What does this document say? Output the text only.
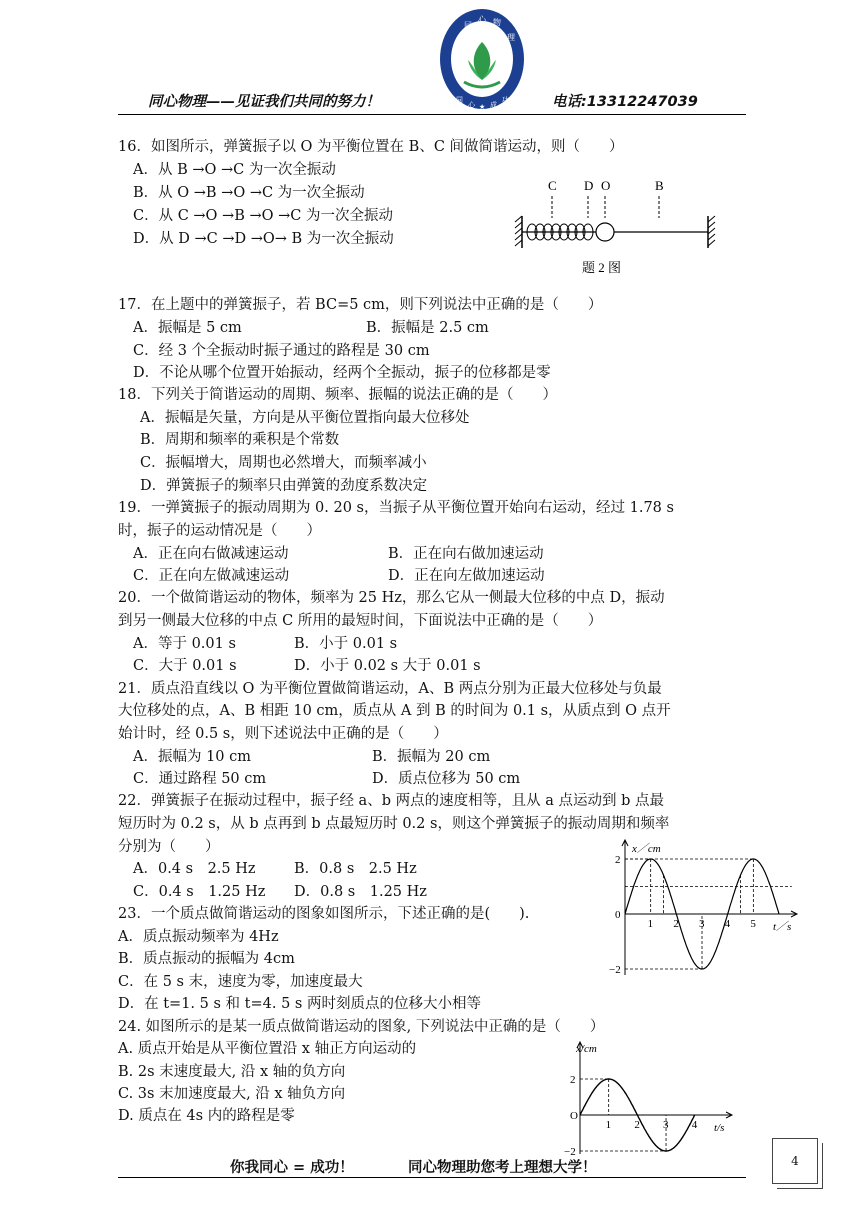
同心物理——见证我们共同的努力！	电话:13312247039
同
心 物
理
同
心 ★ 成
功
16．如图所示，弹簧振子以 O 为平衡位置在 B、C 间做简谐运动，则（　　）
A．从 B →O →C 为一次全振动
B．从 O →B →O →C 为一次全振动
C．从 C →O →B →O →C 为一次全振动
D．从 D →C →D →O→ B 为一次全振动
C D O	B
题 2 图
17．在上题中的弹簧振子，若 BC=5 cm，则下列说法中正确的是（　　）
A．振幅是 5 cm	B．振幅是 2.5 cm
C．经 3 个全振动时振子通过的路程是 30 cm
D．不论从哪个位置开始振动，经两个全振动，振子的位移都是零
18．下列关于简谐运动的周期、频率、振幅的说法正确的是（　　）
A．振幅是矢量，方向是从平衡位置指向最大位移处
B．周期和频率的乘积是个常数
C．振幅增大，周期也必然增大，而频率减小
D．弹簧振子的频率只由弹簧的劲度系数决定
19．一弹簧振子的振动周期为 0. 20 s，当振子从平衡位置开始向右运动，经过 1.78 s
时，振子的运动情况是（　　）
A．正在向右做减速运动	B．正在向右做加速运动
C．正在向左做减速运动	D．正在向左做加速运动
20．一个做简谐运动的物体，频率为 25 Hz，那么它从一侧最大位移的中点 D，振动
到另一侧最大位移的中点 C 所用的最短时间，下面说法中正确的是（　　）
A．等于 0.01 s	B．小于 0.01 s
C．大于 0.01 s	D．小于 0.02 s 大于 0.01 s
21．质点沿直线以 O 为平衡位置做简谐运动，A、B 两点分别为正最大位移处与负最
大位移处的点，A、B 相距 10 cm，质点从 A 到 B 的时间为 0.1 s，从质点到 O 点开
始计时，经 0.5 s，则下述说法中正确的是（　　）
A．振幅为 10 cm	B．振幅为 20 cm
C．通过路程 50 cm	D．质点位移为 50 cm
22．弹簧振子在振动过程中，振子经 a、b 两点的速度相等，且从 a 点运动到 b 点最
短历时为 0.2 s，从 b 点再到 b 点最短历时 0.2 s，则这个弹簧振子的振动周期和频率
分别为（　　）
A．0.4 s　2.5 Hz	B．0.8 s　2.5 Hz
C．0.4 s　1.25 Hz D．0.8 s　1.25 Hz
23．一个质点做简谐运动的图象如图所示，下述正确的是(　　).
A．质点振动频率为 4Hz
B．质点振动的振幅为 4cm
C．在 5 s 末，速度为零，加速度最大
D．在 t=1. 5 s 和 t=4. 5 s 两时刻质点的位移大小相等
x／cm
t／s
1 2 3 4 5
2
0
−2
24. 如图所示的是某一质点做简谐运动的图象, 下列说法中正确的是（　　）
A. 质点开始是从平衡位置沿 x 轴正方向运动的
B. 2s 末速度最大, 沿 x 轴的负方向
C. 3s 末加速度最大, 沿 x 轴负方向
D. 质点在 4s 内的路程是零
x/cm
t/s
1 2 3 4
2
O
−2
你我同心 = 成功！	同心物理助您考上理想大学！	4
